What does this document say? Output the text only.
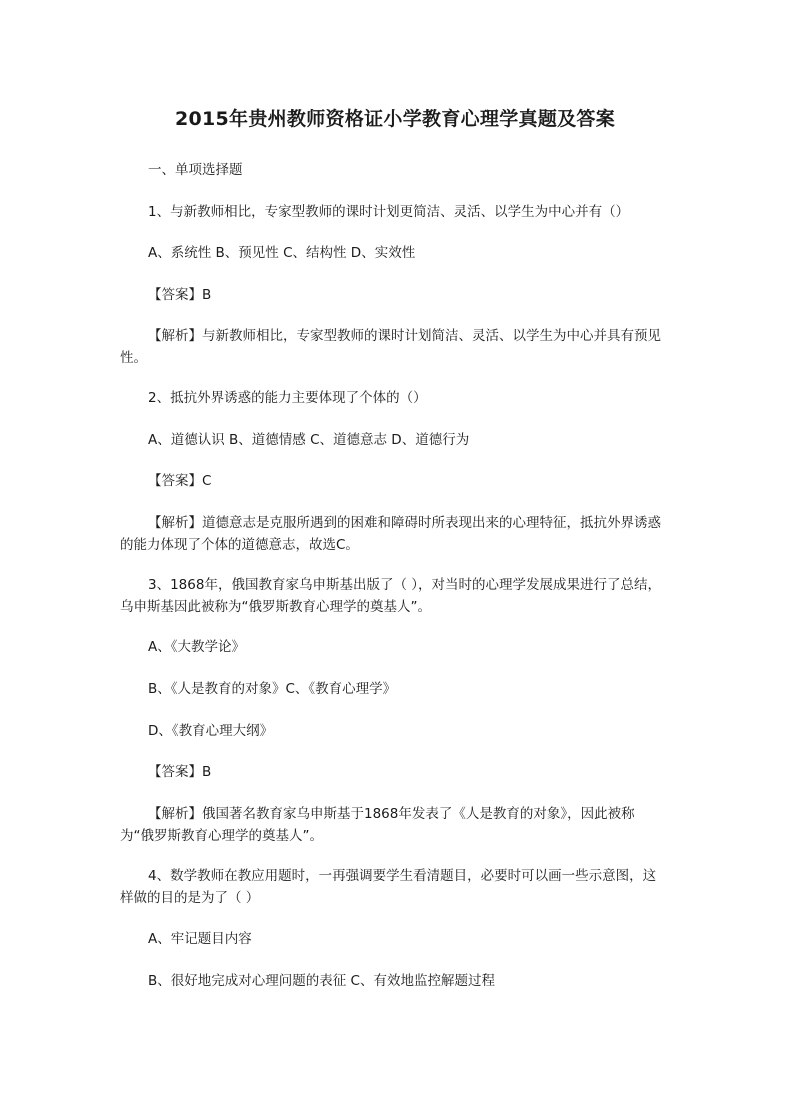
2015年贵州教师资格证小学教育心理学真题及答案
一、单项选择题
1、与新教师相比，专家型教师的课时计划更简洁、灵活、以学生为中心并有（）
A、系统性 B、预见性 C、结构性 D、实效性
【答案】B
【解析】与新教师相比，专家型教师的课时计划简洁、灵活、以学生为中心并具有预见性。
2、抵抗外界诱惑的能力主要体现了个体的（）
A、道德认识 B、道德情感 C、道德意志 D、道德行为
【答案】C
【解析】道德意志是克服所遇到的困难和障碍时所表现出来的心理特征，抵抗外界诱惑的能力体现了个体的道德意志，故选C。
3、1868年，俄国教育家乌申斯基出版了（ ），对当时的心理学发展成果进行了总结，乌申斯基因此被称为“俄罗斯教育心理学的奠基人”。
A、《大教学论》
B、《人是教育的对象》C、《教育心理学》
D、《教育心理大纲》
【答案】B
【解析】俄国著名教育家乌申斯基于1868年发表了《人是教育的对象》，因此被称为“俄罗斯教育心理学的奠基人”。
4、数学教师在教应用题时，一再强调要学生看清题目，必要时可以画一些示意图，这样做的目的是为了（ ）
A、牢记题目内容
B、很好地完成对心理问题的表征 C、有效地监控解题过程
